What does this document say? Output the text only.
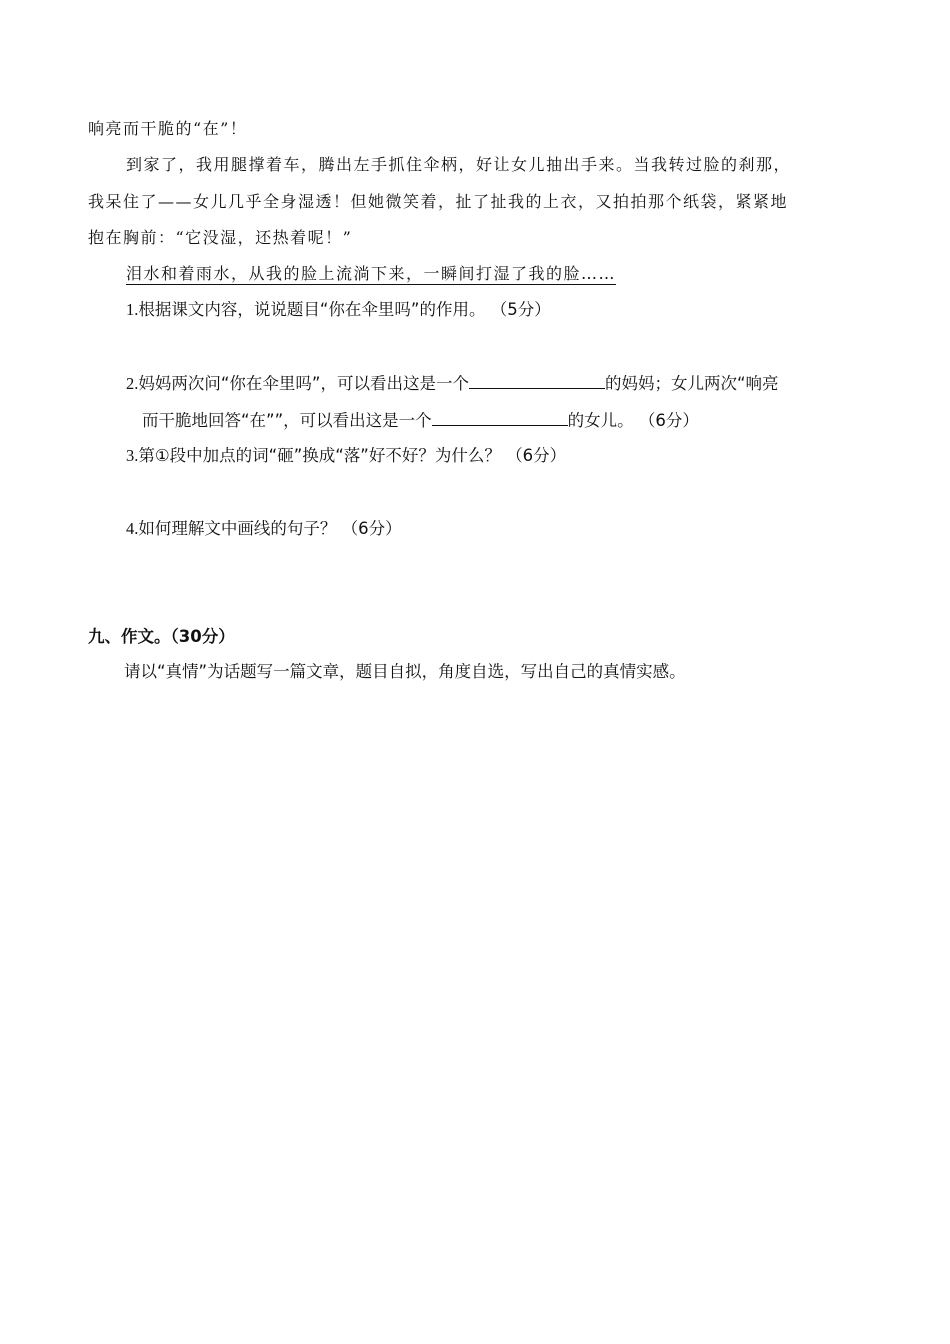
响亮而干脆的“在”！
到家了，我用腿撑着车，腾出左手抓住伞柄，好让女儿抽出手来。当我转过脸的刹那，
我呆住了——女儿几乎全身湿透！但她微笑着，扯了扯我的上衣，又拍拍那个纸袋，紧紧地
抱在胸前：“它没湿，还热着呢！”
泪水和着雨水，从我的脸上流淌下来，一瞬间打湿了我的脸……
1.根据课文内容，说说题目“你在伞里吗”的作用。 （5分）
2.妈妈两次问“你在伞里吗”，可以看出这是一个	的妈妈；女儿两次“响亮
而干脆地回答“在””，可以看出这是一个	的女儿。 （6分）
3.第①段中加点的词“砸”换成“落”好不好？为什么？ （6分）
4.如何理解文中画线的句子？ （6分）
九、作文。（30分）
请以“真情”为话题写一篇文章，题目自拟，角度自选，写出自己的真情实感。
